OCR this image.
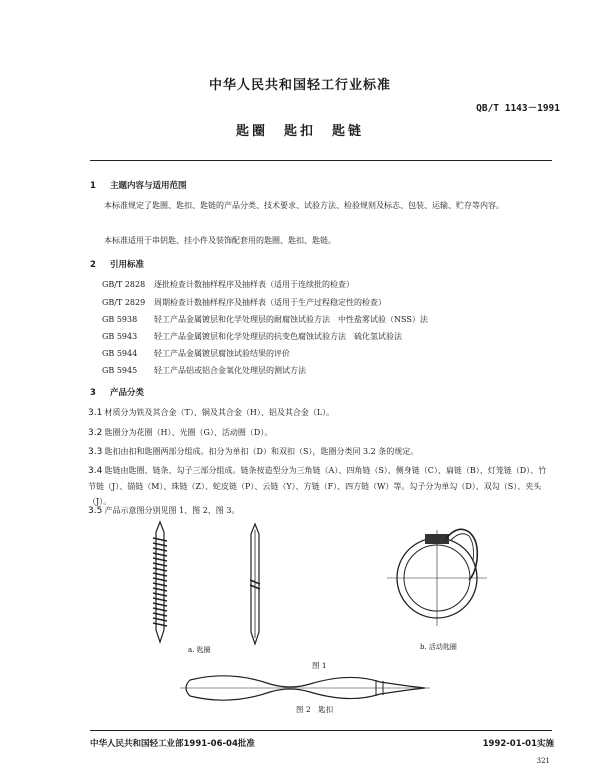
中华人民共和国轻工行业标准
QB/T 1143－1991
匙圈　匙扣　匙链
1 主题内容与适用范围
本标准规定了匙圈、匙扣、匙链的产品分类、技术要求、试验方法、检验规则及标志、包装、运输、贮存等内容。
本标准适用于串钥匙、挂小件及装饰配套用的匙圈、匙扣、匙链。
2 引用标准
GB/T 2828 逐批检查计数抽样程序及抽样表（适用于连续批的检查）
GB/T 2829 周期检查计数抽样程序及抽样表（适用于生产过程稳定性的检查）
GB 5938 轻工产品金属镀层和化学处理层的耐腐蚀试验方法　中性盐雾试验（NSS）法
GB 5943 轻工产品金属镀层和化学处理层的抗变色腐蚀试验方法　硫化氢试验法
GB 5944 轻工产品金属镀层腐蚀试验结果的评价
GB 5945 轻工产品铝或铝合金氧化处理层的测试方法
3 产品分类
3.1 材质分为铁及其合金（T）、铜及其合金（H）、铝及其合金（L）。
3.2 匙圈分为花圈（H）、光圈（G）、活动圈（D）。
3.3 匙扣由扣和匙圈两部分组成。扣分为单扣（D）和双扣（S），匙圈分类同 3.2 条的规定。
3.4 匙链由匙圈、链条、勾子三部分组成。链条按造型分为三角链（A）、四角链（S）、侧身链（C）、扁链（B）、灯笼链（D）、竹节链（J）、锚链（M）、珠链（Z）、蛇皮链（P）、云链（Y）、方链（F）、四方链（W）等。勾子分为单勾（D）、双勾（S）、夹头（J）。
3.5 产品示意图分别见图 1、图 2、图 3。
a. 匙圈	b. 活动匙圈
图 1
图 2　匙扣
中华人民共和国轻工业部1991-06-04批准	1992-01-01实施
321
